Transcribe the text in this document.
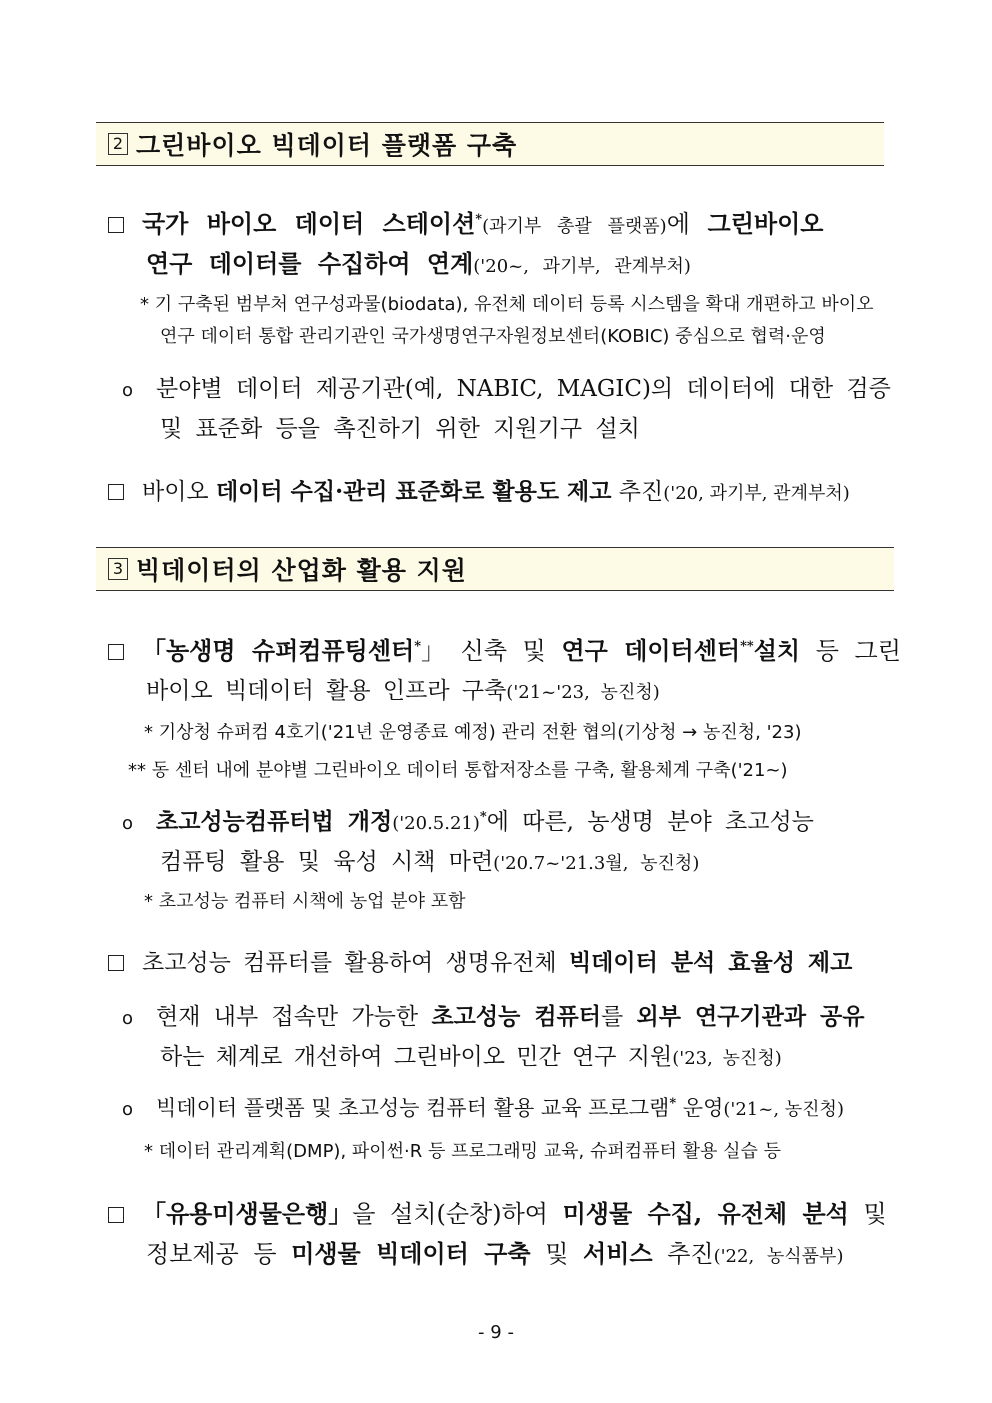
2 그린바이오 빅데이터 플랫폼 구축
국가 바이오 데이터 스테이션*(과기부 총괄 플랫폼)에 그린바이오
연구 데이터를 수집하여 연계('20~, 과기부, 관계부처)
* 기 구축된 범부처 연구성과물(biodata), 유전체 데이터 등록 시스템을 확대 개편하고 바이오
연구 데이터 통합 관리기관인 국가생명연구자원정보센터(KOBIC) 중심으로 협력·운영
o 분야별 데이터 제공기관(예, NABIC, MAGIC)의 데이터에 대한 검증
및 표준화 등을 촉진하기 위한 지원기구 설치
바이오 데이터 수집·관리 표준화로 활용도 제고 추진('20, 과기부, 관계부처)
3 빅데이터의 산업화 활용 지원
「농생명 슈퍼컴퓨팅센터*」 신축 및 연구 데이터센터**설치 등 그린
바이오 빅데이터 활용 인프라 구축('21~'23, 농진청)
* 기상청 슈퍼컴 4호기('21년 운영종료 예정) 관리 전환 협의(기상청 → 농진청, '23)
** 동 센터 내에 분야별 그린바이오 데이터 통합저장소를 구축, 활용체계 구축('21~)
o 초고성능컴퓨터법 개정('20.5.21)*에 따른, 농생명 분야 초고성능
컴퓨팅 활용 및 육성 시책 마련('20.7~'21.3월, 농진청)
* 초고성능 컴퓨터 시책에 농업 분야 포함
초고성능 컴퓨터를 활용하여 생명유전체 빅데이터 분석 효율성 제고
o 현재 내부 접속만 가능한 초고성능 컴퓨터를 외부 연구기관과 공유
하는 체계로 개선하여 그린바이오 민간 연구 지원('23, 농진청)
o 빅데이터 플랫폼 및 초고성능 컴퓨터 활용 교육 프로그램* 운영('21~, 농진청)
* 데이터 관리계획(DMP), 파이썬·R 등 프로그래밍 교육, 슈퍼컴퓨터 활용 실습 등
「유용미생물은행」을 설치(순창)하여 미생물 수집, 유전체 분석 및
정보제공 등 미생물 빅데이터 구축 및 서비스 추진('22, 농식품부)
- 9 -
